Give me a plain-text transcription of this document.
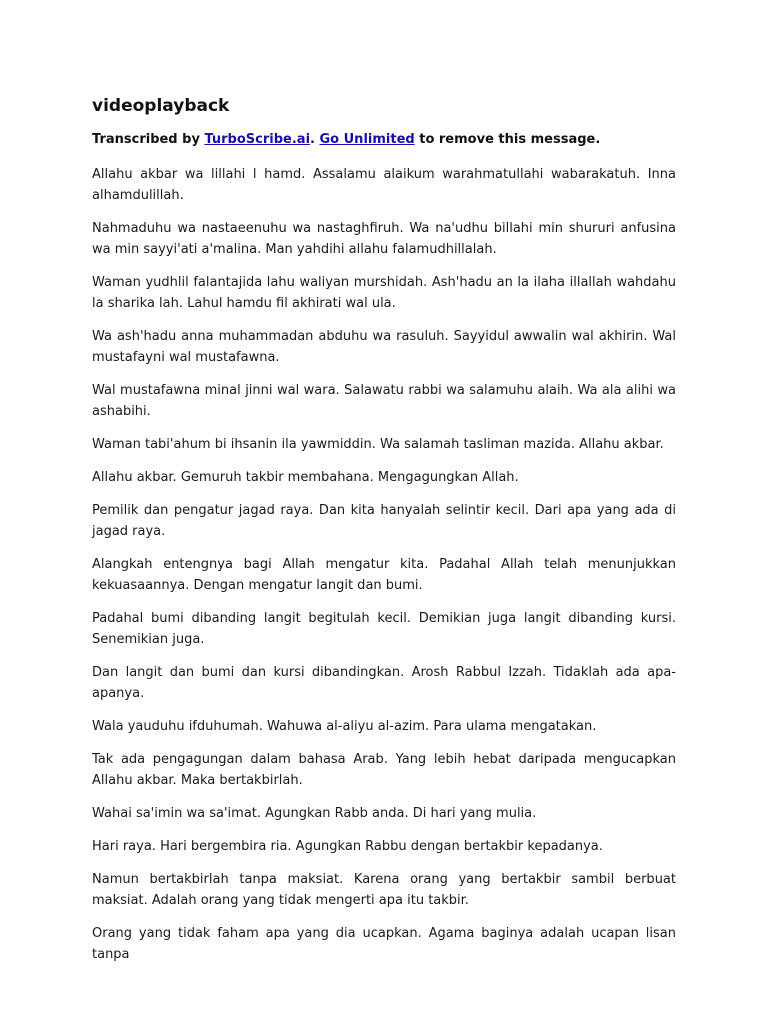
videoplayback

Transcribed by TurboScribe.ai. Go Unlimited to remove this message.

Allahu akbar wa lillahi l hamd. Assalamu alaikum warahmatullahi wabarakatuh. Inna alhamdulillah.

Nahmaduhu wa nastaeenuhu wa nastaghfiruh. Wa na'udhu billahi min shururi anfusina wa min sayyi'ati a'malina. Man yahdihi allahu falamudhillalah.

Waman yudhlil falantajida lahu waliyan murshidah. Ash'hadu an la ilaha illallah wahdahu la sharika lah. Lahul hamdu fil akhirati wal ula.

Wa ash'hadu anna muhammadan abduhu wa rasuluh. Sayyidul awwalin wal akhirin. Wal mustafayni wal mustafawna.

Wal mustafawna minal jinni wal wara. Salawatu rabbi wa salamuhu alaih. Wa ala alihi wa ashabihi.

Waman tabi'ahum bi ihsanin ila yawmiddin. Wa salamah tasliman mazida. Allahu akbar.

Allahu akbar. Gemuruh takbir membahana. Mengagungkan Allah.

Pemilik dan pengatur jagad raya. Dan kita hanyalah selintir kecil. Dari apa yang ada di jagad raya.

Alangkah entengnya bagi Allah mengatur kita. Padahal Allah telah menunjukkan kekuasaannya. Dengan mengatur langit dan bumi.

Padahal bumi dibanding langit begitulah kecil. Demikian juga langit dibanding kursi. Senemikian juga.

Dan langit dan bumi dan kursi dibandingkan. Arosh Rabbul Izzah. Tidaklah ada apa-apanya.

Wala yauduhu ifduhumah. Wahuwa al-aliyu al-azim. Para ulama mengatakan.

Tak ada pengagungan dalam bahasa Arab. Yang lebih hebat daripada mengucapkan Allahu akbar. Maka bertakbirlah.

Wahai sa'imin wa sa'imat. Agungkan Rabb anda. Di hari yang mulia.

Hari raya. Hari bergembira ria. Agungkan Rabbu dengan bertakbir kepadanya.

Namun bertakbirlah tanpa maksiat. Karena orang yang bertakbir sambil berbuat maksiat. Adalah orang yang tidak mengerti apa itu takbir.

Orang yang tidak faham apa yang dia ucapkan. Agama baginya adalah ucapan lisan tanpa
